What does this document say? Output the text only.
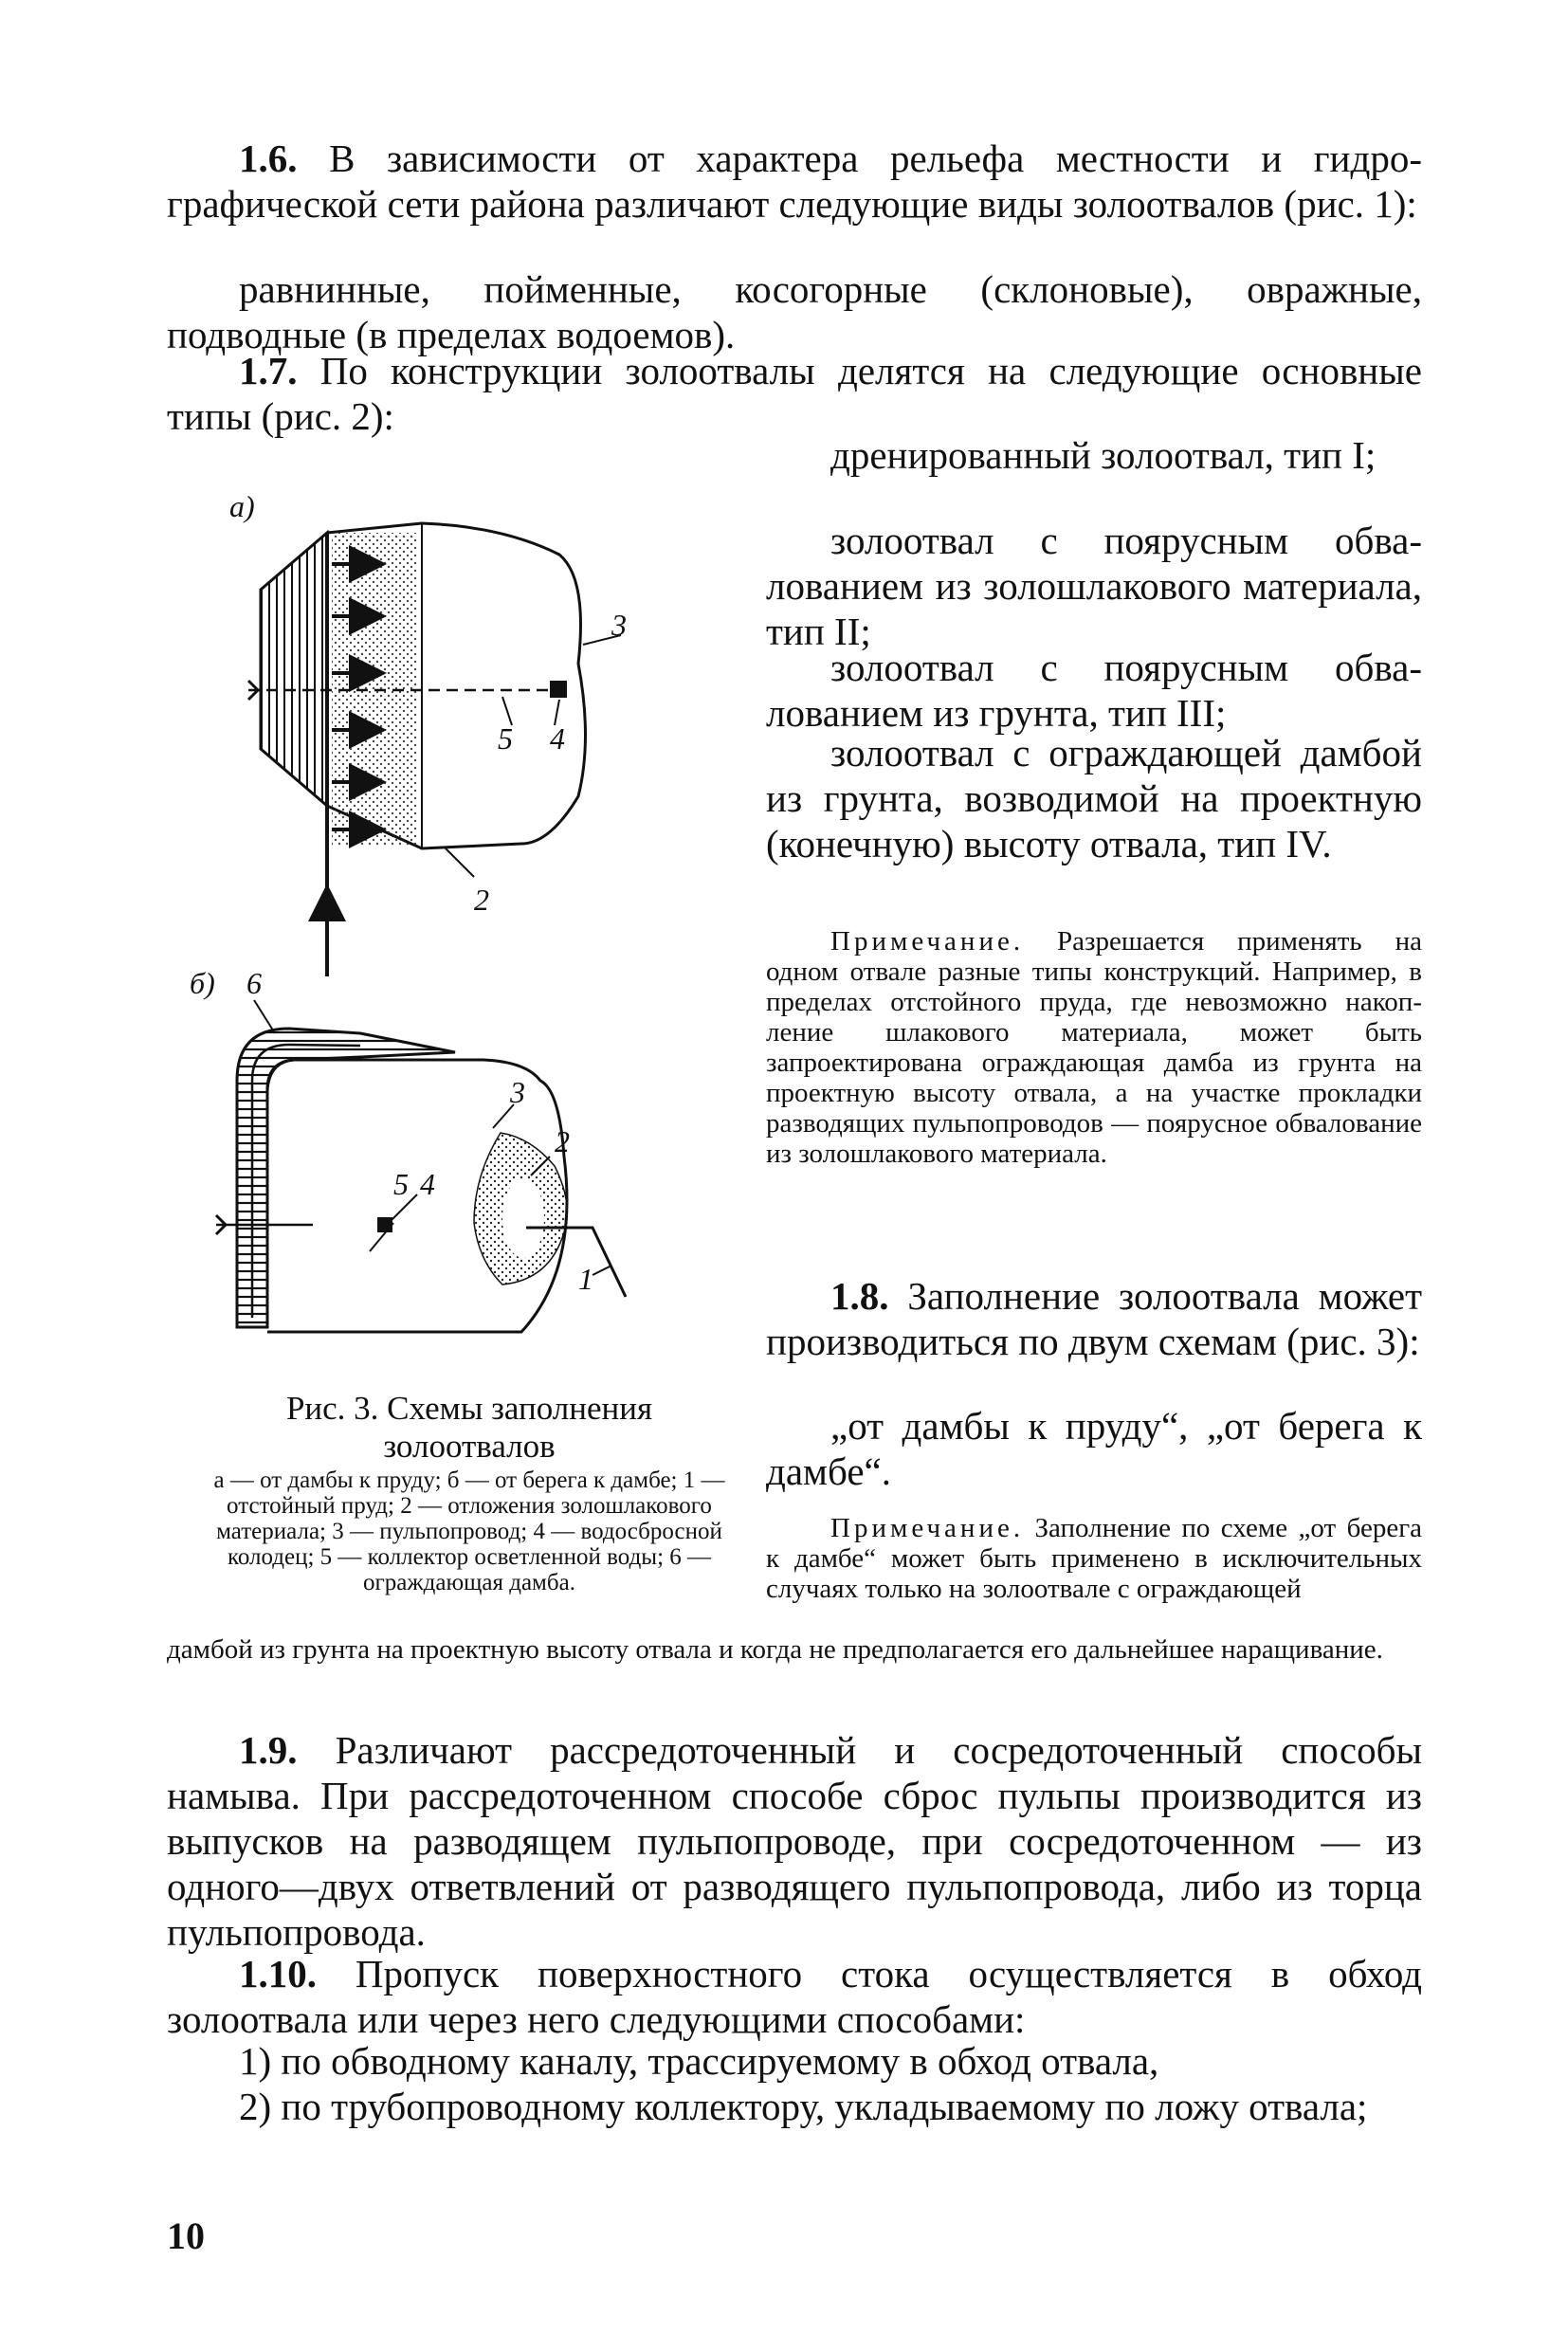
1.6. В зависимости от характера рельефа местности и гидрографической сети района различают следующие виды золоотвалов (рис. 1):

равнинные, пойменные, косогорные (склоновые), овражные, подводные (в пределах водоемов).

1.7. По конструкции золоотвалы делятся на следующие основные типы (рис. 2):

дренированный золоотвал, тип I;

золоотвал с поярусным обвалованием из золошлакового материала, тип II;

золоотвал с поярусным обвалованием из грунта, тип III;

золоотвал с ограждающей дамбой из грунта, возводимой на проектную (конечную) высоту отвала, тип IV.

Примечание. Разрешается применять на одном отвале разные типы конструкций. Например, в пределах отстойного пруда, где невозможно накопление шлакового материала, может быть запроектирована ограждающая дамба из грунта на проектную высоту отвала, а на участке прокладки разводящих пульпопроводов — поярусное обвалование из золошлакового материала.

1.8. Заполнение золоотвала может производиться по двум схемам (рис. 3):

„от дамбы к пруду“, „от берега к дамбе“.

Примечание. Заполнение по схеме „от берега к дамбе“ может быть применено в исключительных случаях только на золоотвале с ограждающей

дамбой из грунта на проектную высоту отвала и когда не предполагается его дальнейшее наращивание.

1.9. Различают рассредоточенный и сосредоточенный способы намыва. При рассредоточенном способе сброс пульпы производится из выпусков на разводящем пульпопроводе, при сосредоточенном — из одного—двух ответвлений от разводящего пульпопровода, либо из торца пульпопровода.

1.10. Пропуск поверхностного стока осуществляется в обход золоотвала или через него следующими способами:

1) по обводному каналу, трассируемому в обход отвала,

2) по трубопроводному коллектору, укладываемому по ложу отвала;

10
а)
3
5 4
2
б) 6
3
2
5 4
1
Рис. 3. Схемы заполнения золоотвалов
а — от дамбы к пруду; б — от берега к дамбе; 1 — отстойный пруд; 2 — отложения золошлакового материала; 3 — пульпопровод; 4 — водосбросной колодец; 5 — коллектор осветленной воды; 6 — ограждающая дамба.
